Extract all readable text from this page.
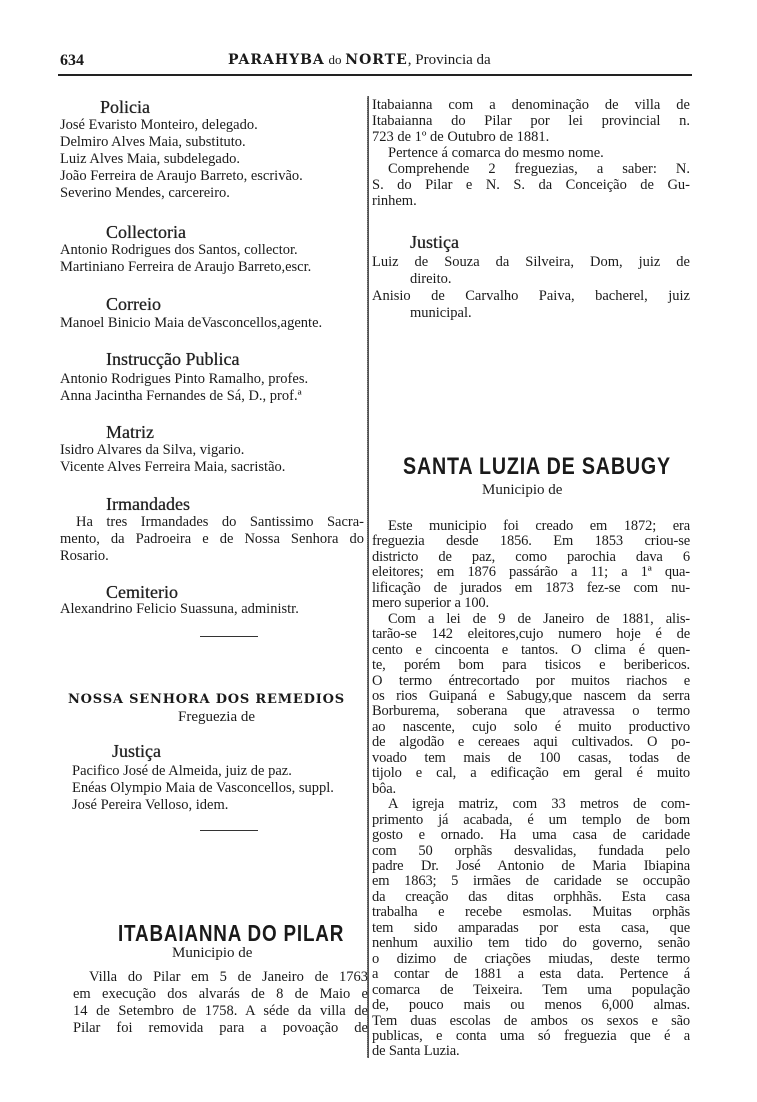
634	PARAHYBA do NORTE, Provincia da
Policia
José Evaristo Monteiro, delegado.
Delmiro Alves Maia, substituto.
Luiz Alves Maia, subdelegado.
João Ferreira de Araujo Barreto, escrivão.
Severino Mendes, carcereiro.
Collectoria
Antonio Rodrigues dos Santos, collector.
Martiniano Ferreira de Araujo Barreto,escr.
Correio
Manoel Binicio Maia deVasconcellos,agente.
Instrucção Publica
Antonio Rodrigues Pinto Ramalho, profes.
Anna Jacintha Fernandes de Sá, D., prof.ª
Matriz
Isidro Alvares da Silva, vigario.
Vicente Alves Ferreira Maia, sacristão.
Irmandades
Ha tres Irmandades do Santissimo Sacra-
mento, da Padroeira e de Nossa Senhora do
Rosario.
Cemiterio
Alexandrino Felicio Suassuna, administr.
NOSSA SENHORA DOS REMEDIOS
Freguezia de
Justiça
Pacifico José de Almeida, juiz de paz.
Enéas Olympio Maia de Vasconcellos, suppl.
José Pereira Velloso, idem.
ITABAIANNA DO PILAR
Municipio de
Villa do Pilar em 5 de Janeiro de 1763
em execução dos alvarás de 8 de Maio e
14 de Setembro de 1758. A séde da villa de
Pilar foi removida para a povoação de
Itabaianna com a denominação de villa de
Itabaianna do Pilar por lei provincial n.
723 de 1º de Outubro de 1881.
Pertence á comarca do mesmo nome.
Comprehende 2 freguezias, a saber: N.
S. do Pilar e N. S. da Conceição de Gu-
rinhem.
Justiça
Luiz de Souza da Silveira, Dom, juiz de
direito.
Anisio de Carvalho Paiva, bacherel, juiz
municipal.
SANTA LUZIA DE SABUGY
Municipio de
Este municipio foi creado em 1872; era
freguezia desde 1856. Em 1853 criou-se
districto de paz, como parochia dava 6
eleitores; em 1876 passárão a 11; a 1ª qua-
lificação de jurados em 1873 fez-se com nu-
mero superior a 100.
Com a lei de 9 de Janeiro de 1881, alis-
tarão-se 142 eleitores,cujo numero hoje é de
cento e cincoenta e tantos. O clima é quen-
te, porém bom para tisicos e beribericos.
O termo éntrecortado por muitos riachos e
os rios Guipaná e Sabugy,que nascem da serra
Borburema, soberana que atravessa o termo
ao nascente, cujo solo é muito productivo
de algodão e cereaes aqui cultivados. O po-
voado tem mais de 100 casas, todas de
tijolo e cal, a edificação em geral é muito
bôa.
A igreja matriz, com 33 metros de com-
primento já acabada, é um templo de bom
gosto e ornado. Ha uma casa de caridade
com 50 orphãs desvalidas, fundada pelo
padre Dr. José Antonio de Maria Ibiapina
em 1863; 5 irmães de caridade se occupão
da creação das ditas orphhãs. Esta casa
trabalha e recebe esmolas. Muitas orphãs
tem sido amparadas por esta casa, que
nenhum auxilio tem tido do governo, senão
o dizimo de criações miudas, deste termo
a contar de 1881 a esta data. Pertence á
comarca de Teixeira. Tem uma população
de, pouco mais ou menos 6,000 almas.
Tem duas escolas de ambos os sexos e são
publicas, e conta uma só freguezia que é a
de Santa Luzia.
